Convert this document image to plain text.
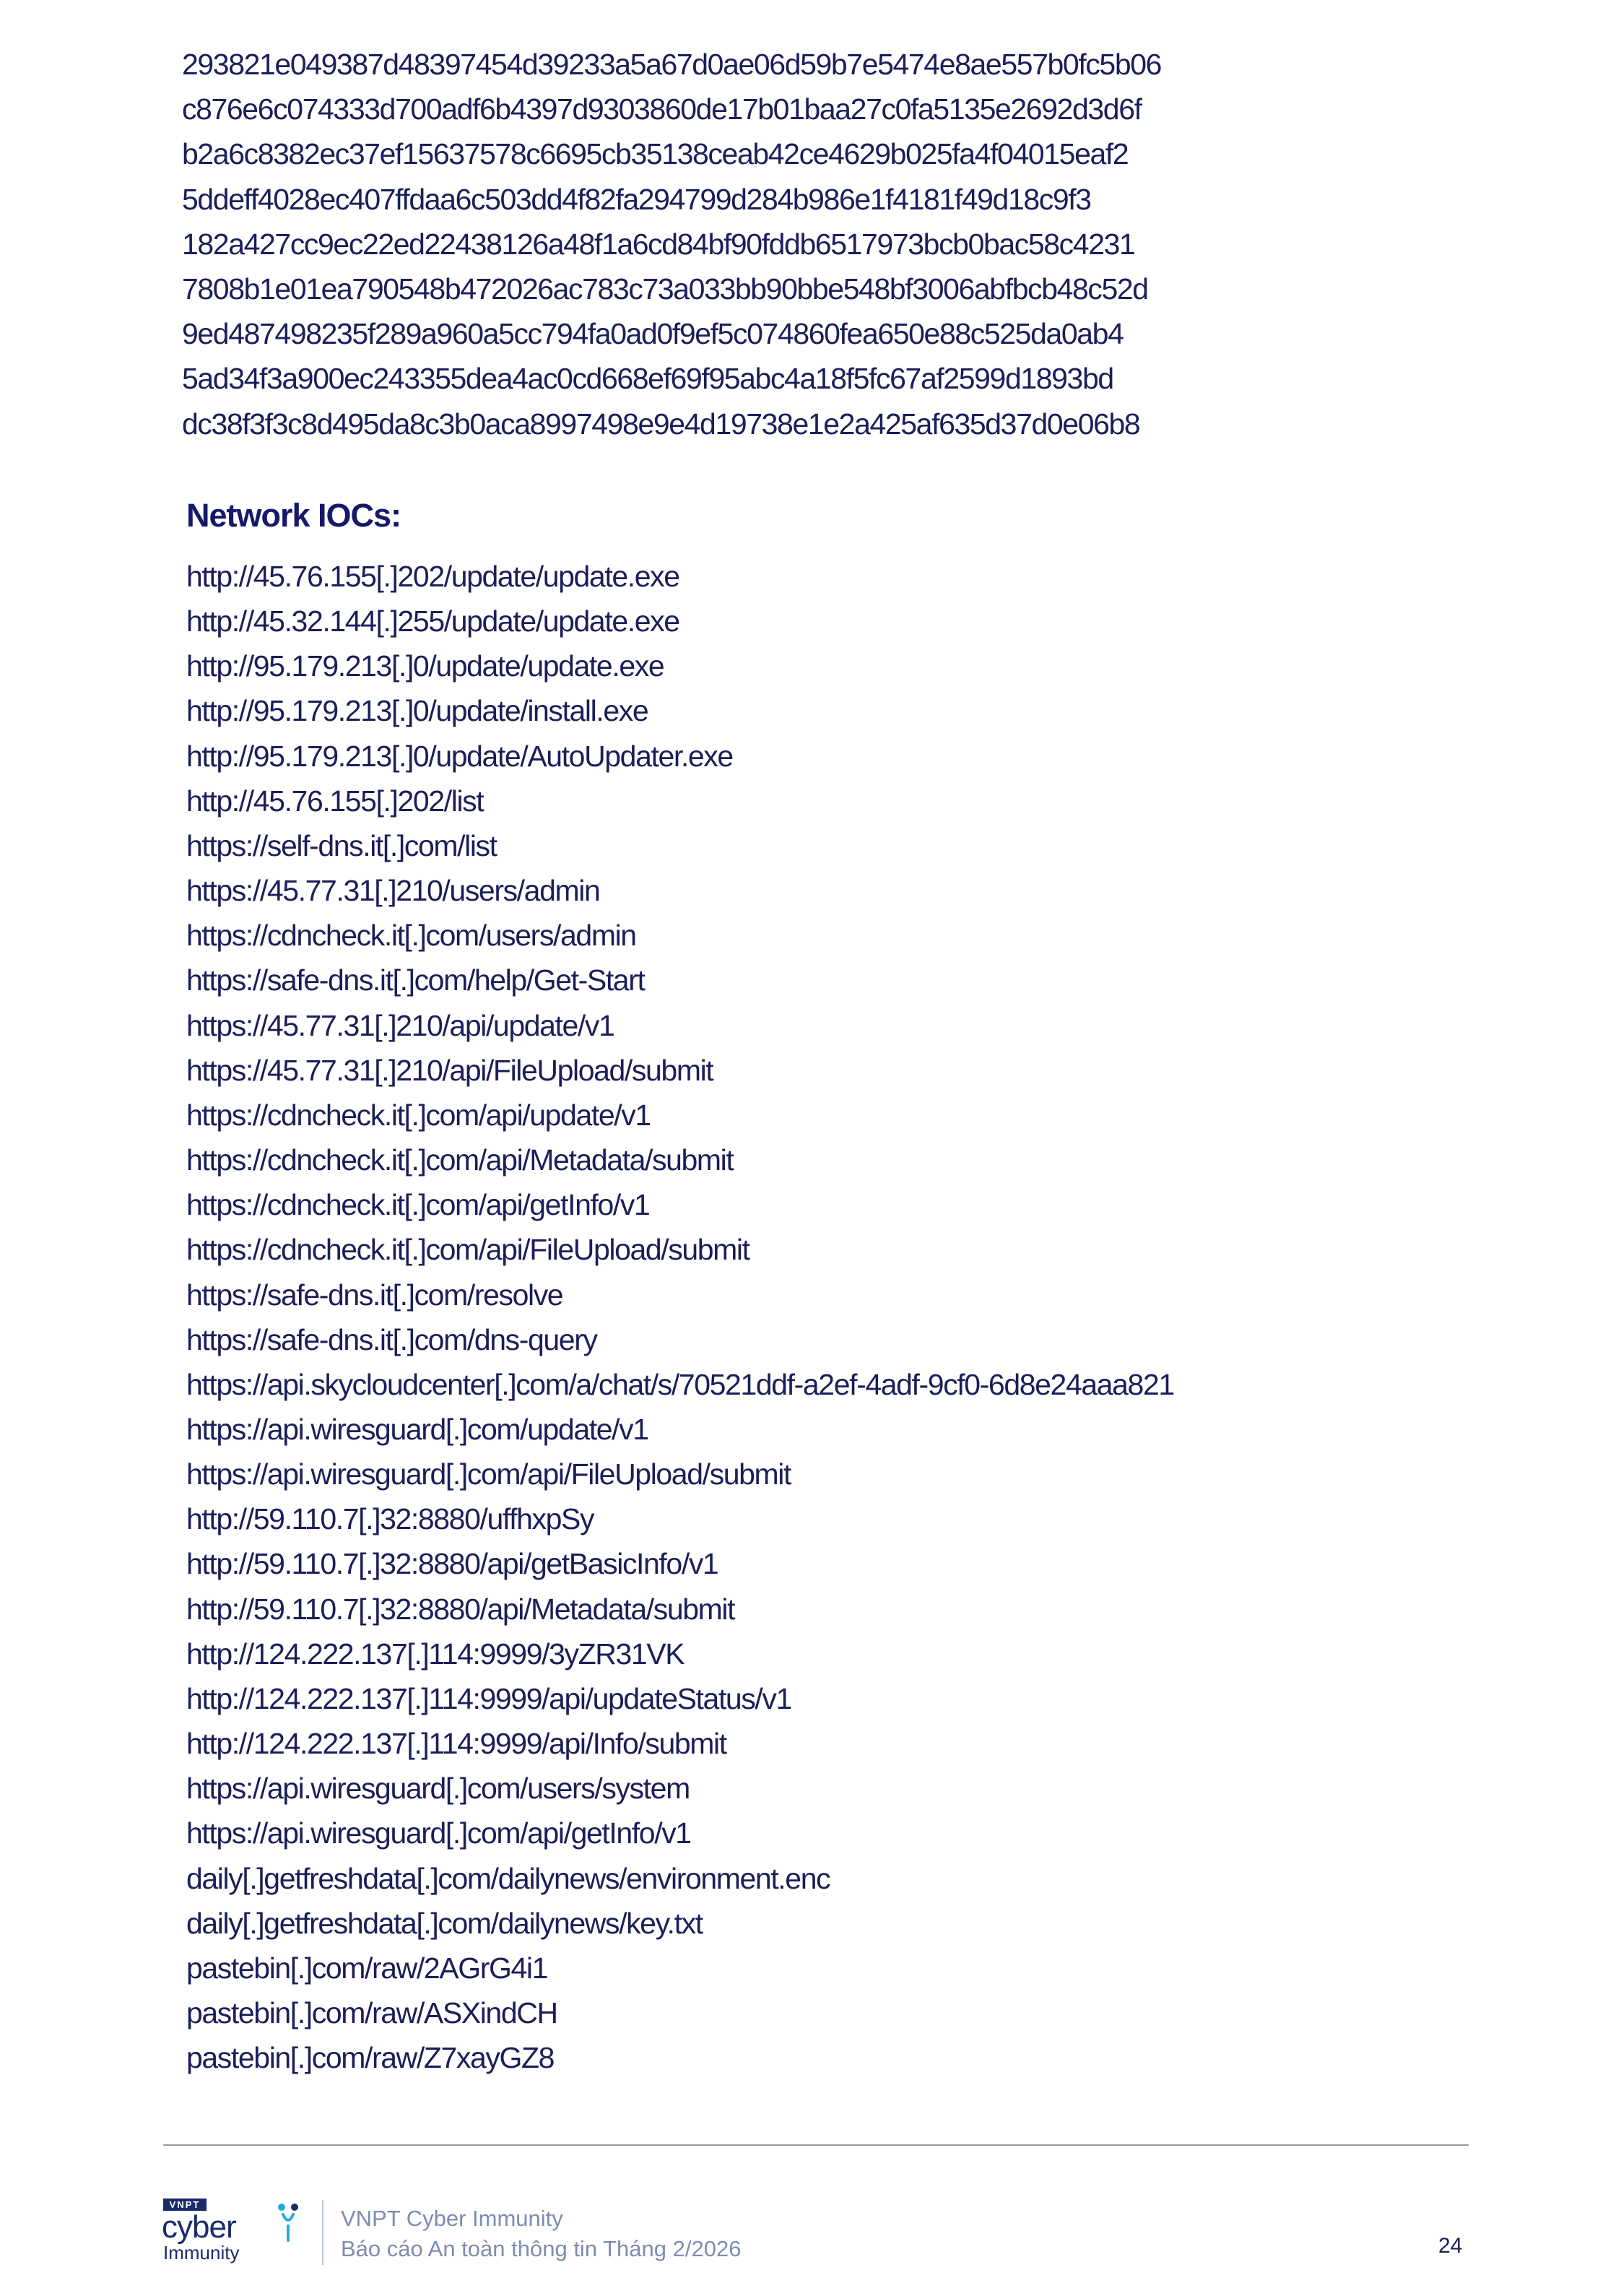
293821e049387d48397454d39233a5a67d0ae06d59b7e5474e8ae557b0fc5b06
c876e6c074333d700adf6b4397d9303860de17b01baa27c0fa5135e2692d3d6f
b2a6c8382ec37ef15637578c6695cb35138ceab42ce4629b025fa4f04015eaf2
5ddeff4028ec407ffdaa6c503dd4f82fa294799d284b986e1f4181f49d18c9f3
182a427cc9ec22ed22438126a48f1a6cd84bf90fddb6517973bcb0bac58c4231
7808b1e01ea790548b472026ac783c73a033bb90bbe548bf3006abfbcb48c52d
9ed487498235f289a960a5cc794fa0ad0f9ef5c074860fea650e88c525da0ab4
5ad34f3a900ec243355dea4ac0cd668ef69f95abc4a18f5fc67af2599d1893bd
dc38f3f3c8d495da8c3b0aca8997498e9e4d19738e1e2a425af635d37d0e06b8
Network IOCs:
http://45.76.155[.]202/update/update.exe
http://45.32.144[.]255/update/update.exe
http://95.179.213[.]0/update/update.exe
http://95.179.213[.]0/update/install.exe
http://95.179.213[.]0/update/AutoUpdater.exe
http://45.76.155[.]202/list
https://self-dns.it[.]com/list
https://45.77.31[.]210/users/admin
https://cdncheck.it[.]com/users/admin
https://safe-dns.it[.]com/help/Get-Start
https://45.77.31[.]210/api/update/v1
https://45.77.31[.]210/api/FileUpload/submit
https://cdncheck.it[.]com/api/update/v1
https://cdncheck.it[.]com/api/Metadata/submit
https://cdncheck.it[.]com/api/getInfo/v1
https://cdncheck.it[.]com/api/FileUpload/submit
https://safe-dns.it[.]com/resolve
https://safe-dns.it[.]com/dns-query
https://api.skycloudcenter[.]com/a/chat/s/70521ddf-a2ef-4adf-9cf0-6d8e24aaa821
https://api.wiresguard[.]com/update/v1
https://api.wiresguard[.]com/api/FileUpload/submit
http://59.110.7[.]32:8880/uffhxpSy
http://59.110.7[.]32:8880/api/getBasicInfo/v1
http://59.110.7[.]32:8880/api/Metadata/submit
http://124.222.137[.]114:9999/3yZR31VK
http://124.222.137[.]114:9999/api/updateStatus/v1
http://124.222.137[.]114:9999/api/Info/submit
https://api.wiresguard[.]com/users/system
https://api.wiresguard[.]com/api/getInfo/v1
daily[.]getfreshdata[.]com/dailynews/environment.enc
daily[.]getfreshdata[.]com/dailynews/key.txt
pastebin[.]com/raw/2AGrG4i1
pastebin[.]com/raw/ASXindCH
pastebin[.]com/raw/Z7xayGZ8
VNPT
cyber
Immunity
VNPT Cyber Immunity
Báo cáo An toàn thông tin Tháng 2/2026	24
